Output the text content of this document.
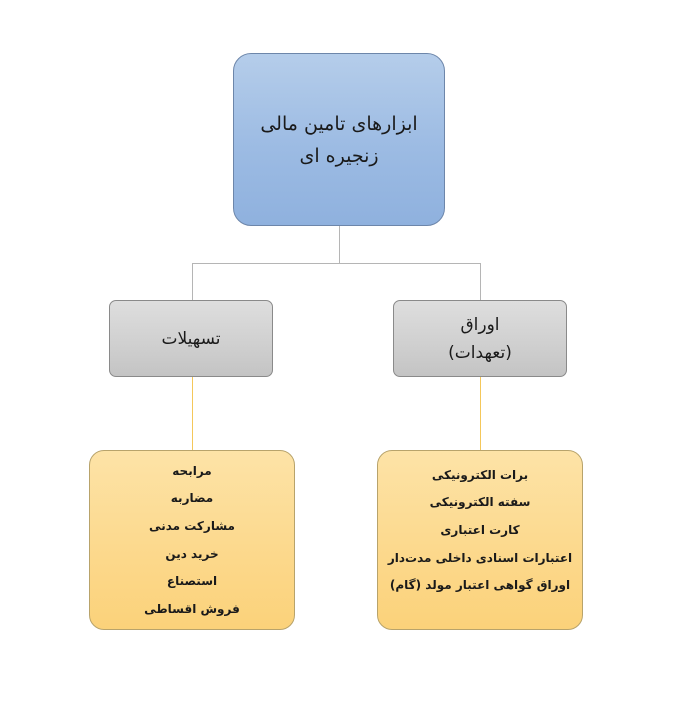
ابزارهای تامین مالی
زنجیره ای
تسهیلات
اوراق
(تعهدات)
مرابحه
مضاربه
مشارکت مدنی
خرید دین
استصناع
فروش اقساطی
برات الکترونیکی
سفته الکترونیکی
کارت اعتباری
اعتبارات اسنادی داخلی مدت‌دار
اوراق گواهی اعتبار مولد (گام)
